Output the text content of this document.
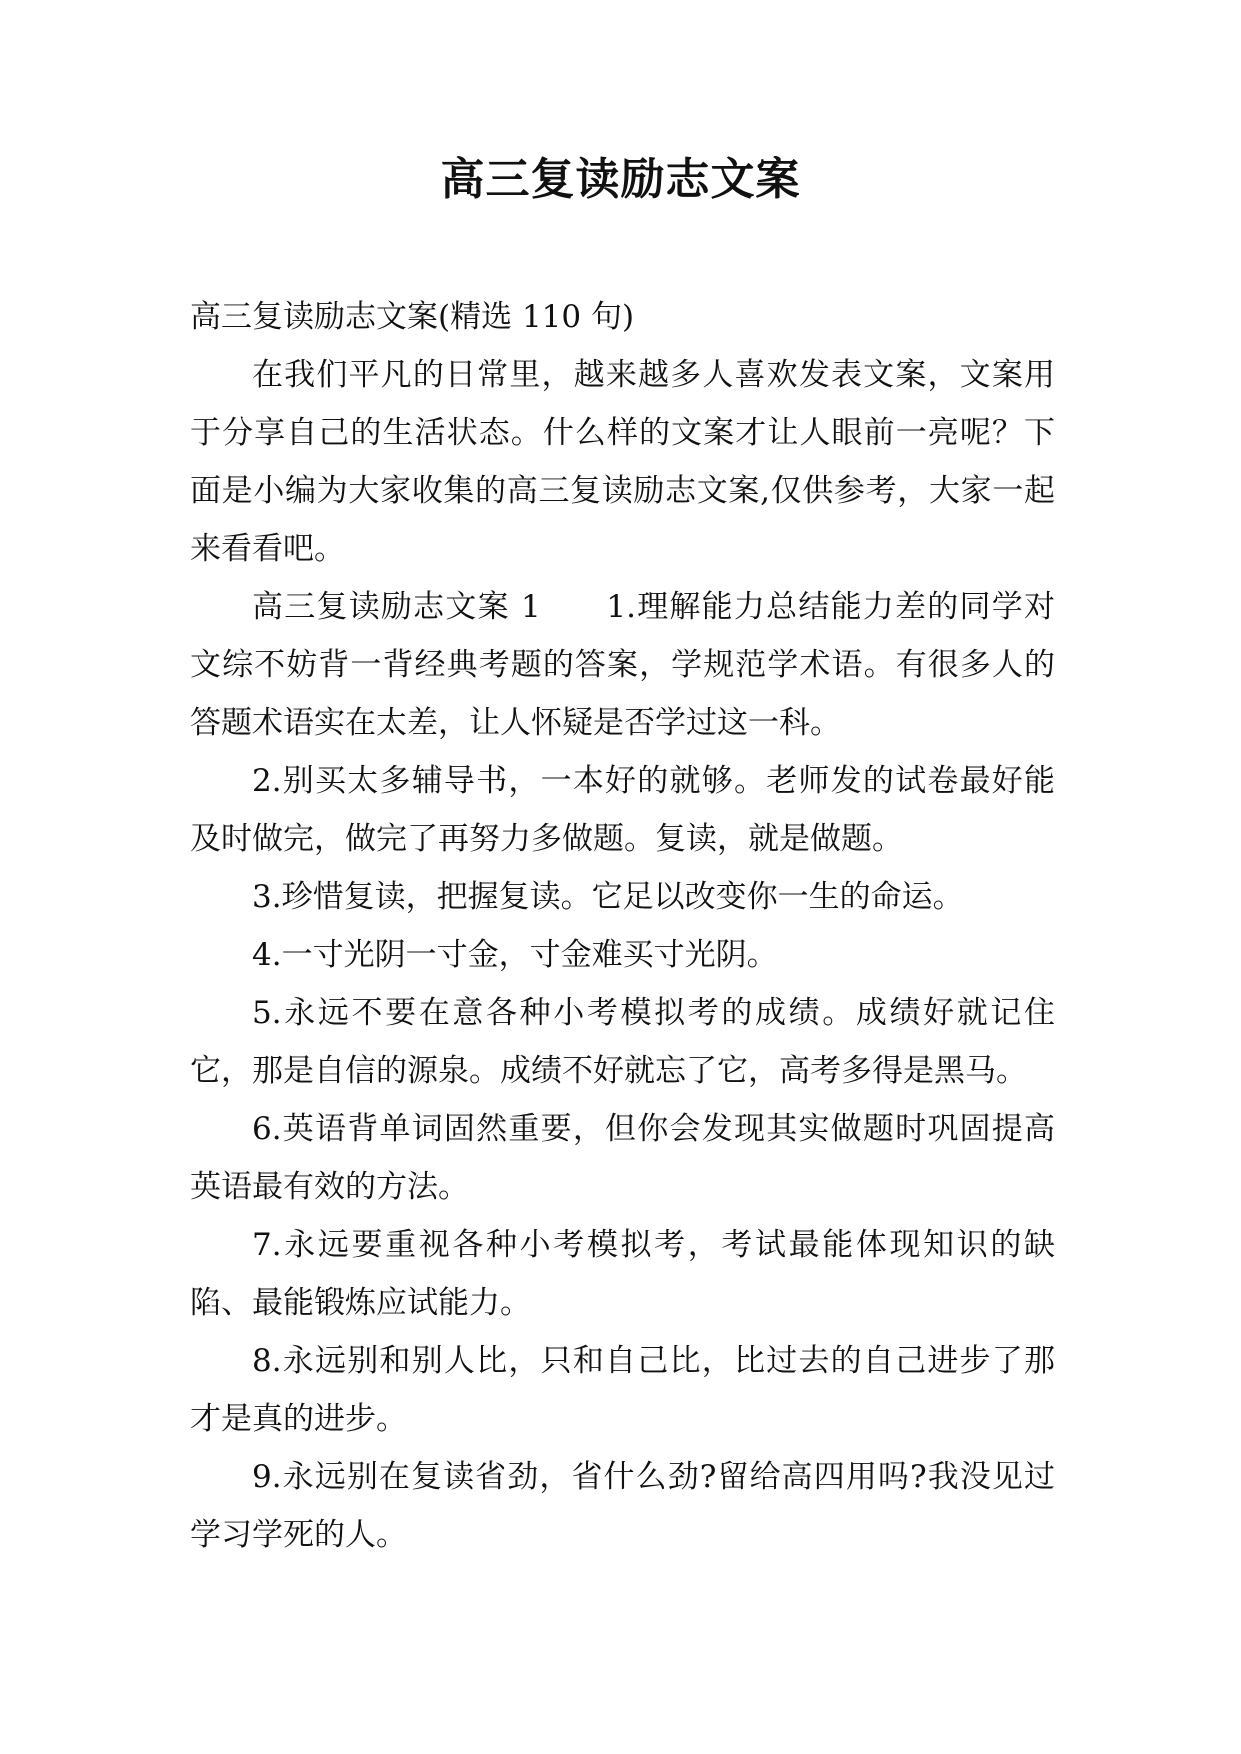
高三复读励志文案

高三复读励志文案(精选 110 句)

在我们平凡的日常里，越来越多人喜欢发表文案，文案用于分享自己的生活状态。什么样的文案才让人眼前一亮呢？下面是小编为大家收集的高三复读励志文案,仅供参考，大家一起来看看吧。

高三复读励志文案 1　　1.理解能力总结能力差的同学对文综不妨背一背经典考题的答案，学规范学术语。有很多人的答题术语实在太差，让人怀疑是否学过这一科。

2.别买太多辅导书，一本好的就够。老师发的试卷最好能及时做完，做完了再努力多做题。复读，就是做题。

3.珍惜复读，把握复读。它足以改变你一生的命运。

4.一寸光阴一寸金，寸金难买寸光阴。

5.永远不要在意各种小考模拟考的成绩。成绩好就记住它，那是自信的源泉。成绩不好就忘了它，高考多得是黑马。

6.英语背单词固然重要，但你会发现其实做题时巩固提高英语最有效的方法。

7.永远要重视各种小考模拟考，考试最能体现知识的缺陷、最能锻炼应试能力。

8.永远别和别人比，只和自己比，比过去的自己进步了那才是真的进步。

9.永远别在复读省劲，省什么劲?留给高四用吗?我没见过学习学死的人。
